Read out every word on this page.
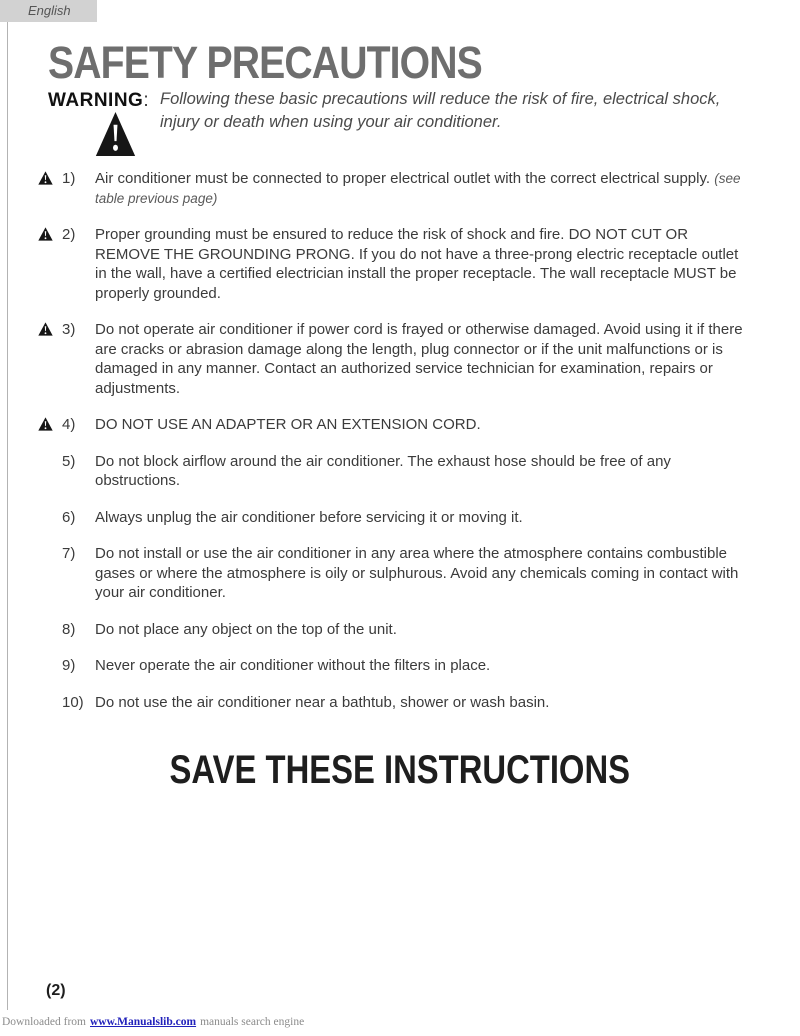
English
SAFETY PRECAUTIONS
WARNING: Following these basic precautions will reduce the risk of fire, electrical shock,
injury or death when using your air conditioner.
1)	Air conditioner must be connected to proper electrical outlet with the correct electrical supply. (see table previous page)
2)	Proper grounding must be ensured to reduce the risk of shock and fire. DO NOT CUT OR REMOVE THE GROUNDING PRONG. If you do not have a three-prong electric receptacle outlet in the wall, have a certified electrician install the proper receptacle. The wall receptacle MUST be properly grounded.
3)	Do not operate air conditioner if power cord is frayed or otherwise damaged. Avoid using it if there are cracks or abrasion damage along the length, plug connector or if the unit malfunctions or is damaged in any manner. Contact an authorized service technician for examination, repairs or adjustments.
4)	DO NOT USE AN ADAPTER OR AN EXTENSION CORD.
5)	Do not block airflow around the air conditioner. The exhaust hose should be free of any obstructions.
6)	Always unplug the air conditioner before servicing it or moving it.
7)	Do not install or use the air conditioner in any area where the atmosphere contains combustible gases or where the atmosphere is oily or sulphurous. Avoid any chemicals coming in contact with your air conditioner.
8)	Do not place any object on the top of the unit.
9)	Never operate the air conditioner without the filters in place.
10) Do not use the air conditioner near a bathtub, shower or wash basin.
SAVE THESE INSTRUCTIONS
(2)
Downloaded from www.Manualslib.com manuals search engine
